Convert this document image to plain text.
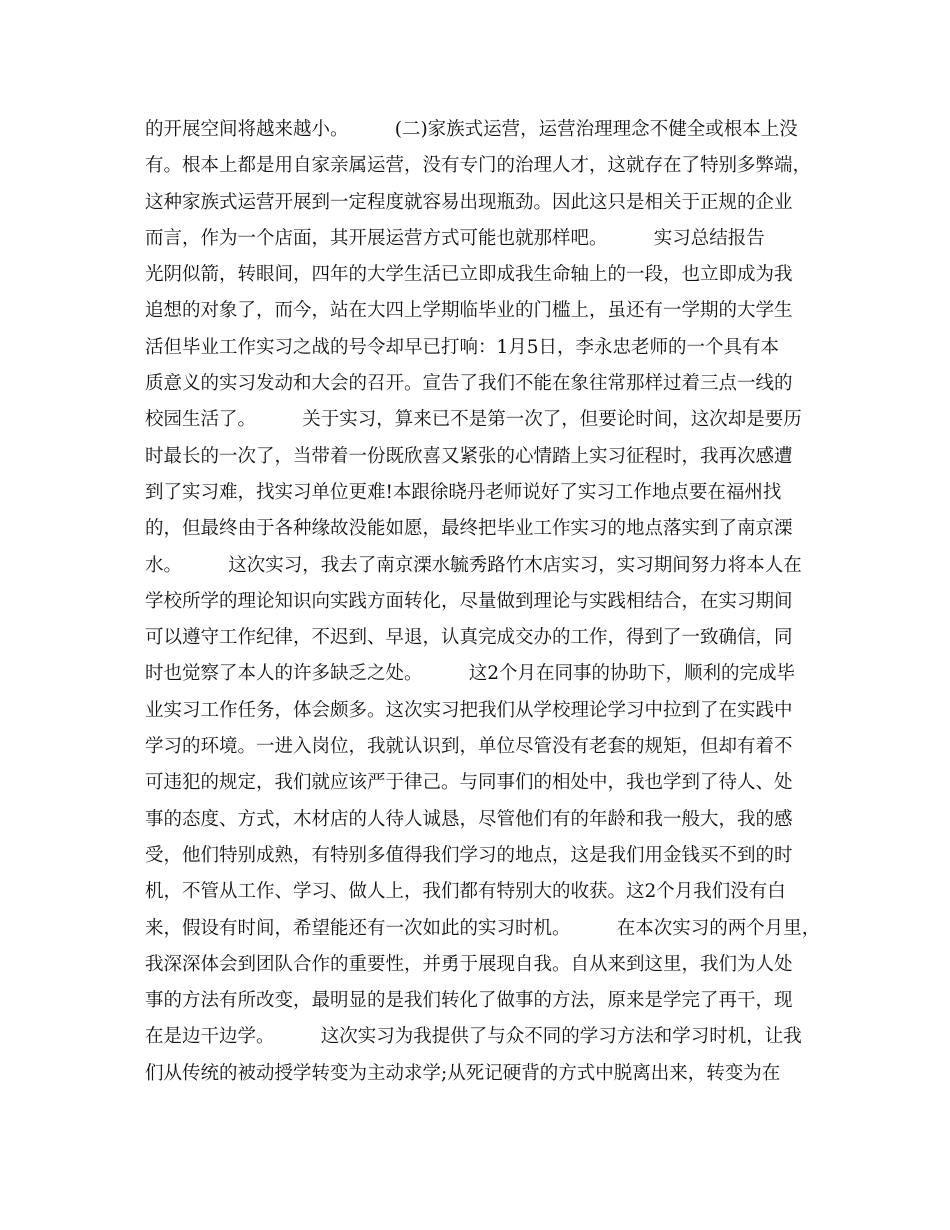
的开展空间将越来越小。　　　(二)家族式运营，运营治理理念不健全或根本上没
有。根本上都是用自家亲属运营，没有专门的治理人才，这就存在了特别多弊端，
这种家族式运营开展到一定程度就容易出现瓶劲。因此这只是相关于正规的企业
而言，作为一个店面，其开展运营方式可能也就那样吧。　　　实习总结报告
光阴似箭，转眼间，四年的大学生活已立即成我生命轴上的一段，也立即成为我
追想的对象了，而今，站在大四上学期临毕业的门槛上，虽还有一学期的大学生
活但毕业工作实习之战的号令却早已打响：1月5日，李永忠老师的一个具有本
质意义的实习发动和大会的召开。宣告了我们不能在象往常那样过着三点一线的
校园生活了。　　　关于实习，算来已不是第一次了，但要论时间，这次却是要历
时最长的一次了，当带着一份既欣喜又紧张的心情踏上实习征程时，我再次感遭
到了实习难，找实习单位更难!本跟徐晓丹老师说好了实习工作地点要在福州找
的，但最终由于各种缘故没能如愿，最终把毕业工作实习的地点落实到了南京溧
水。　　　这次实习，我去了南京溧水毓秀路竹木店实习，实习期间努力将本人在
学校所学的理论知识向实践方面转化，尽量做到理论与实践相结合，在实习期间
可以遵守工作纪律，不迟到、早退，认真完成交办的工作，得到了一致确信，同
时也觉察了本人的许多缺乏之处。　　　这2个月在同事的协助下，顺利的完成毕
业实习工作任务，体会颇多。这次实习把我们从学校理论学习中拉到了在实践中
学习的环境。一进入岗位，我就认识到，单位尽管没有老套的规矩，但却有着不
可违犯的规定，我们就应该严于律己。与同事们的相处中，我也学到了待人、处
事的态度、方式，木材店的人待人诚恳，尽管他们有的年龄和我一般大，我的感
受，他们特别成熟，有特别多值得我们学习的地点，这是我们用金钱买不到的时
机，不管从工作、学习、做人上，我们都有特别大的收获。这2个月我们没有白
来，假设有时间，希望能还有一次如此的实习时机。　　　在本次实习的两个月里，
我深深体会到团队合作的重要性，并勇于展现自我。自从来到这里，我们为人处
事的方法有所改变，最明显的是我们转化了做事的方法，原来是学完了再干，现
在是边干边学。　　　这次实习为我提供了与众不同的学习方法和学习时机，让我
们从传统的被动授学转变为主动求学;从死记硬背的方式中脱离出来，转变为在
